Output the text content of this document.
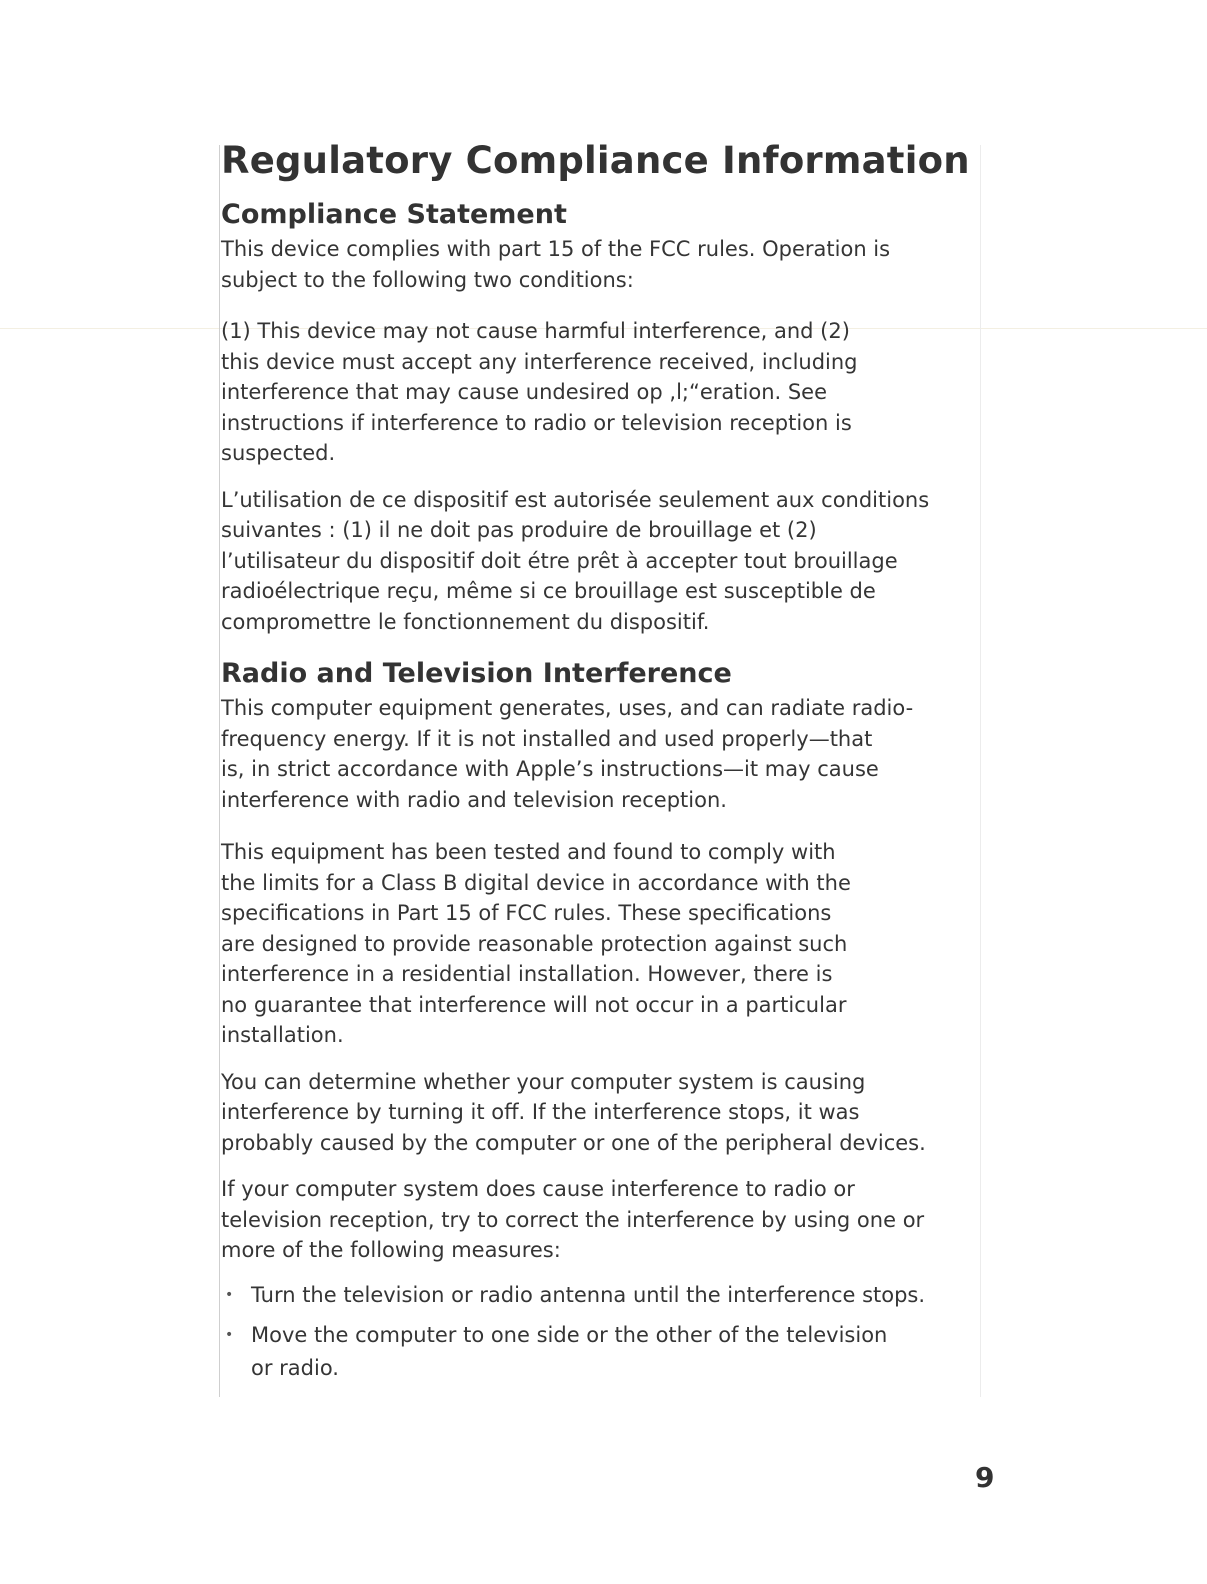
Regulatory Compliance Information
Compliance Statement

This device complies with part 15 of the FCC rules. Operation is
subject to the following two conditions:

(1) This device may not cause harmful interference, and (2)
this device must accept any interference received, including
interference that may cause undesired op ,l;“eration. See
instructions if interference to radio or television reception is
suspected.

L’utilisation de ce dispositif est autorisée seulement aux conditions
suivantes : (1) il ne doit pas produire de brouillage et (2)
l’utilisateur du dispositif doit étre prêt à accepter tout brouillage
radioélectrique reçu, même si ce brouillage est susceptible de
compromettre le fonctionnement du dispositif.

Radio and Television Interference

This computer equipment generates, uses, and can radiate radio-
frequency energy. If it is not installed and used properly—that
is, in strict accordance with Apple’s instructions—it may cause
interference with radio and television reception.

This equipment has been tested and found to comply with
the limits for a Class B digital device in accordance with the
specifications in Part 15 of FCC rules. These specifications
are designed to provide reasonable protection against such
interference in a residential installation. However, there is
no guarantee that interference will not occur in a particular
installation.

You can determine whether your computer system is causing
interference by turning it off. If the interference stops, it was
probably caused by the computer or one of the peripheral devices.

If your computer system does cause interference to radio or
television reception, try to correct the interference by using one or
more of the following measures:

• Turn the television or radio antenna until the interference stops.
• Move the computer to one side or the other of the television
or radio.
9
